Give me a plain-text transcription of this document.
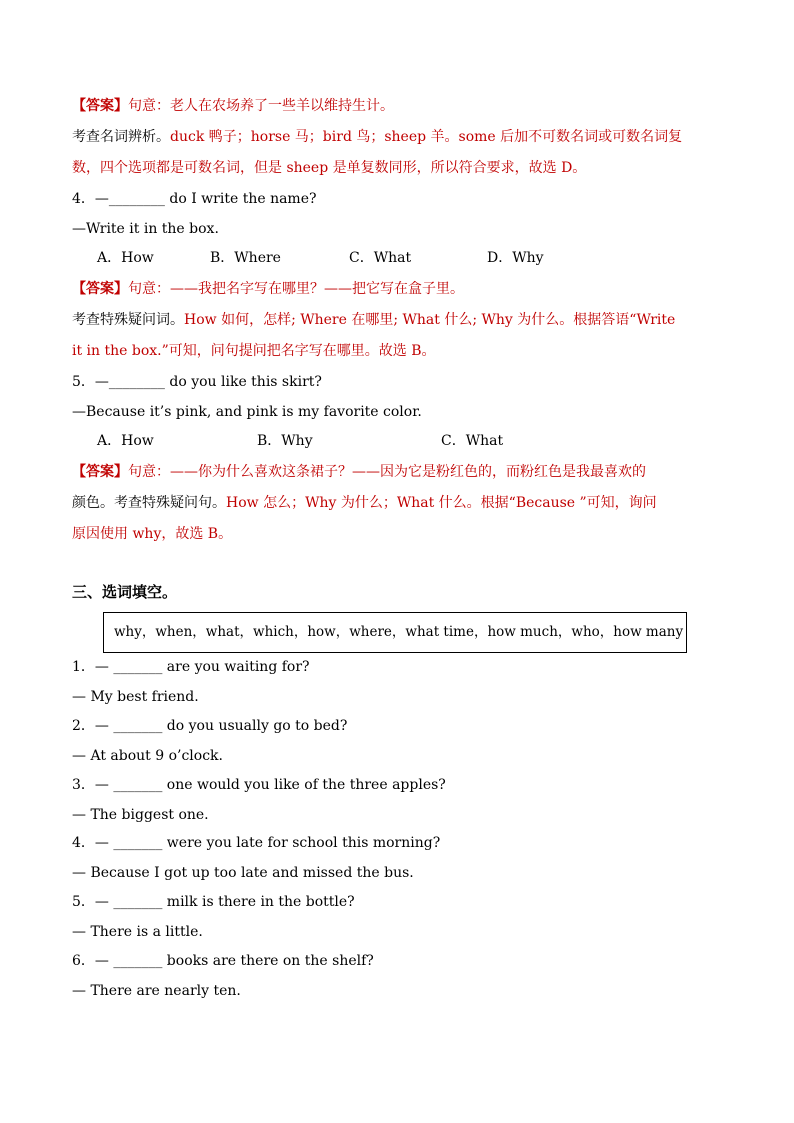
【答案】句意：老人在农场养了一些羊以维持生计。
考查名词辨析。duck 鸭子；horse 马；bird 鸟；sheep 羊。some 后加不可数名词或可数名词复
数，四个选项都是可数名词，但是 sheep 是单复数同形，所以符合要求，故选 D。
4．—________ do I write the name?
—Write it in the box.
A．How	B．Where	C．What	D．Why
【答案】句意：——我把名字写在哪里？——把它写在盒子里。
考查特殊疑问词。How 如何，怎样; Where 在哪里; What 什么; Why 为什么。根据答语“Write
it in the box.”可知，问句提问把名字写在哪里。故选 B。
5．—________ do you like this skirt?
—Because it’s pink, and pink is my favorite color.
A．How	B．Why	C．What
【答案】句意：——你为什么喜欢这条裙子？——因为它是粉红色的，而粉红色是我最喜欢的
颜色。考查特殊疑问句。How 怎么；Why 为什么；What 什么。根据“Because ”可知，询问
原因使用 why，故选 B。
三、选词填空。
why，when，what，which，how，where，what time，how much，who，how many
1．— _______ are you waiting for?
— My best friend.
2．— _______ do you usually go to bed?
— At about 9 o’clock.
3．— _______ one would you like of the three apples?
— The biggest one.
4．— _______ were you late for school this morning?
— Because I got up too late and missed the bus.
5．— _______ milk is there in the bottle?
— There is a little.
6．— _______ books are there on the shelf?
— There are nearly ten.
